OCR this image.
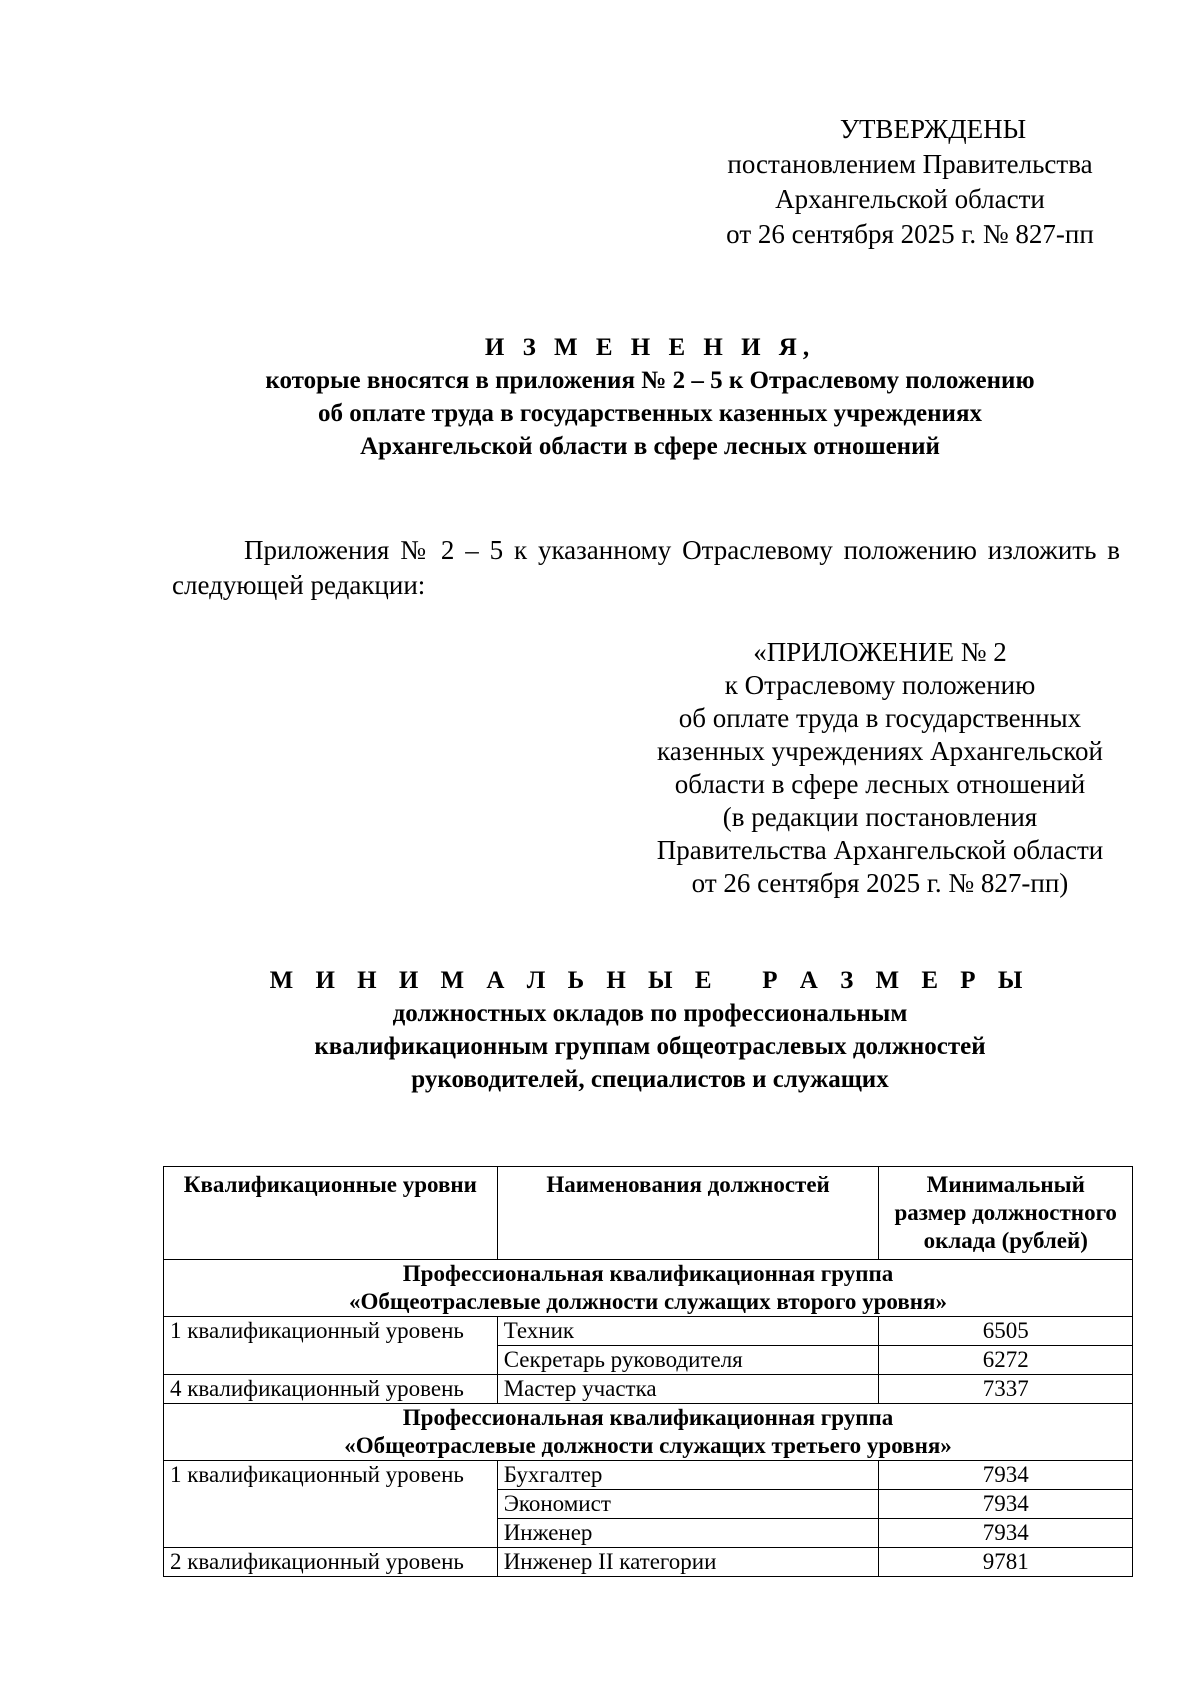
УТВЕРЖДЕНЫ
постановлением Правительства
Архангельской области
от 26 сентября 2025 г. № 827-пп
И З М Е Н Е Н И Я,
которые вносятся в приложения № 2 – 5 к Отраслевому положению
об оплате труда в государственных казенных учреждениях
Архангельской области в сфере лесных отношений
Приложения № 2 – 5 к указанному Отраслевому положению изложить в следующей редакции:
«ПРИЛОЖЕНИЕ № 2
к Отраслевому положению
об оплате труда в государственных
казенных учреждениях Архангельской
области в сфере лесных отношений
(в редакции постановления
Правительства Архангельской области
от 26 сентября 2025 г. № 827-пп)
М И Н И М А Л Ь Н Ы Е   Р А З М Е Р Ы
должностных окладов по профессиональным
квалификационным группам общеотраслевых должностей
руководителей, специалистов и служащих
Квалификационные уровни	Наименования должностей	Минимальный
размер должностного
оклада (рублей)

Профессиональная квалификационная группа
«Общеотраслевые должности служащих второго уровня»		

1 квалификационный уровень	Техник	6505
	Секретарь руководителя	6272
4 квалификационный уровень	Мастер участка	7337

Профессиональная квалификационная группа
«Общеотраслевые должности служащих третьего уровня»		

1 квалификационный уровень	Бухгалтер	7934
	Экономист	7934
	Инженер	7934
2 квалификационный уровень	Инженер II категории	9781
